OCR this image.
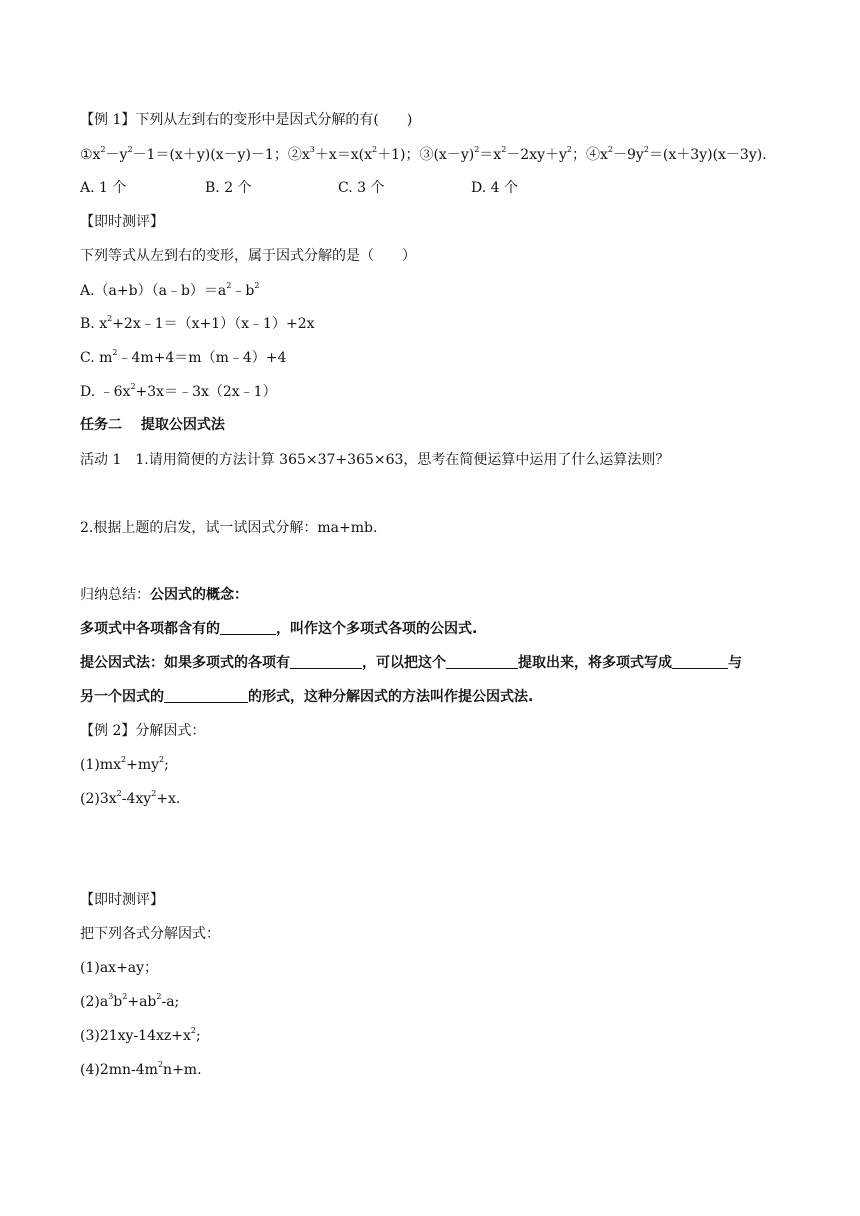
【例 1】下列从左到右的变形中是因式分解的有(　　)
$①x^2-y^2-1=(x+y)(x-y)-1$；$②x^3+x=x(x^2+1)$；$③(x-y)^2=x^2-2xy+y^2$；$④x^2-9y^2=(x+3y)(x-3y)$.
A. 1 个	B. 2 个	C. 3 个	D. 4 个
【即时测评】
下列等式从左到右的变形，属于因式分解的是（　　）
$A.(a+b)(a﹣b)=a^2﹣b^2$
B. $x^2+2x﹣1=(x+1)(x﹣1)+2x$
C. $m^2﹣4m+4=m(m﹣4)+4$
D. $﹣6x^2+3x=﹣3x(2x﹣1)$
任务二　 提取公因式法
活动 1　1.请用简便的方法计算 365×37+365×63，思考在简便运算中运用了什么运算法则？
2.根据上题的启发，试一试因式分解：ma+mb.
归纳总结：公因式的概念：
多项式中各项都含有的	，叫作这个多项式各项的公因式.
提公因式法：如果多项式的各项有	，可以把这个	提取出来，将多项式写成	与
另一个因式的	的形式，这种分解因式的方法叫作提公因式法.
【例 2】分解因式：
$(1)mx^2+my^2$;
$(2)3x^2-4xy^2+x$.
【即时测评】
把下列各式分解因式：
(1)ax+ay；
$(2)a^3b^2+ab^2-a$;
$(3)21xy-14xz+x^2$;
$(4)2mn-4m^2n+m$.
